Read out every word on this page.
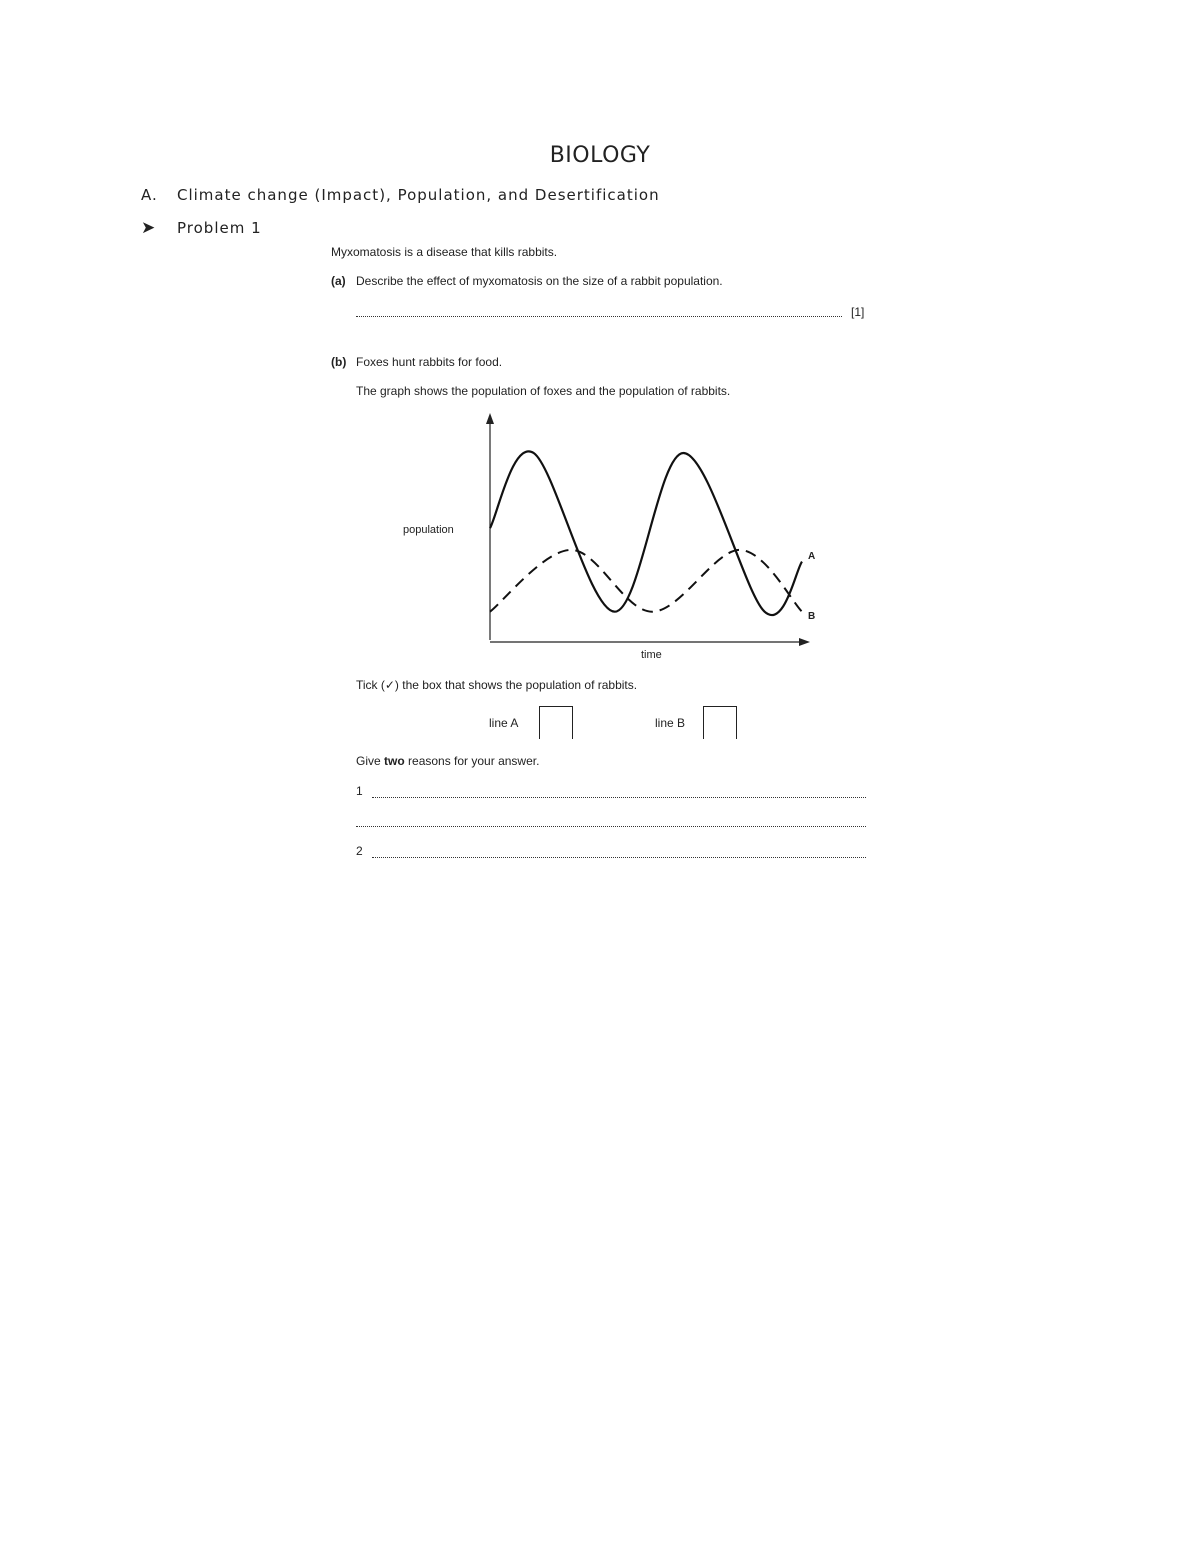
BIOLOGY
A. Climate change (Impact), Population, and Desertification
➤ Problem 1
Myxomatosis is a disease that kills rabbits.
(a) Describe the effect of myxomatosis on the size of a rabbit population.
[1]
(b) Foxes hunt rabbits for food.
The graph shows the population of foxes and the population of rabbits.
population
time
A
B
Tick (✓) the box that shows the population of rabbits.
line A	line B
Give two reasons for your answer.
1
2
